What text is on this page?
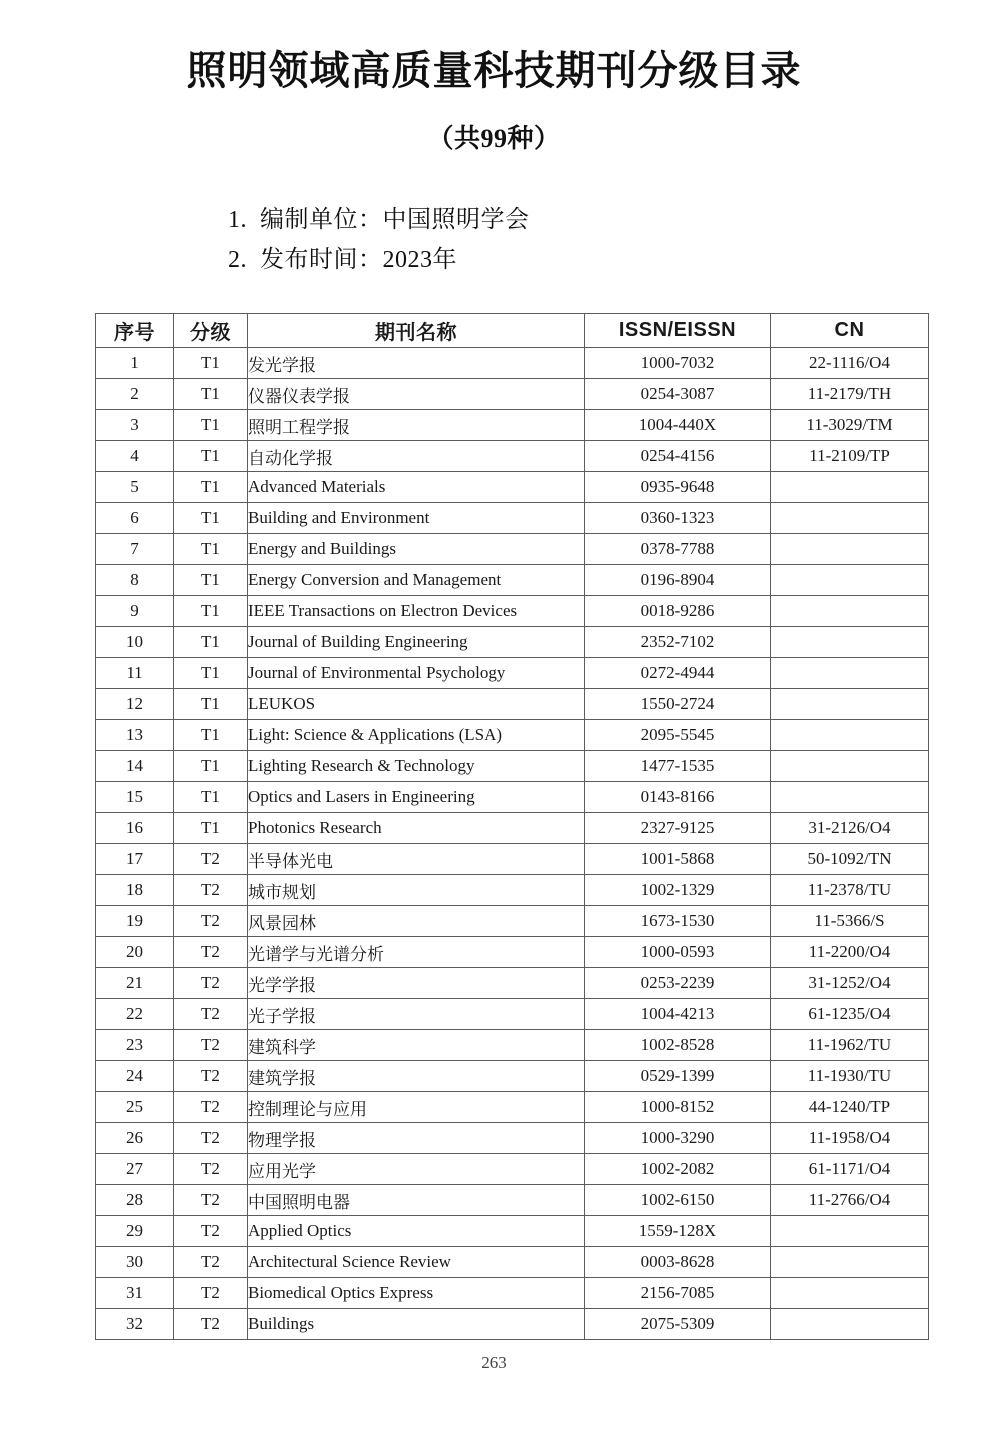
照明领域高质量科技期刊分级目录
（共99种）
1. 编制单位：中国照明学会
2. 发布时间：2023年
序号	分级	期刊名称	ISSN/EISSN	CN
1	T1	发光学报	1000-7032	22-1116/O4
2	T1	仪器仪表学报	0254-3087	11-2179/TH
3	T1	照明工程学报	1004-440X	11-3029/TM
4	T1	自动化学报	0254-4156	11-2109/TP
5	T1	Advanced Materials	0935-9648	
6	T1	Building and Environment	0360-1323	
7	T1	Energy and Buildings	0378-7788	
8	T1	Energy Conversion and Management	0196-8904	
9	T1	IEEE Transactions on Electron Devices	0018-9286	
10	T1	Journal of Building Engineering	2352-7102	
11	T1	Journal of Environmental Psychology	0272-4944	
12	T1	LEUKOS	1550-2724	
13	T1	Light: Science & Applications (LSA)	2095-5545	
14	T1	Lighting Research & Technology	1477-1535	
15	T1	Optics and Lasers in Engineering	0143-8166	
16	T1	Photonics Research	2327-9125	31-2126/O4
17	T2	半导体光电	1001-5868	50-1092/TN
18	T2	城市规划	1002-1329	11-2378/TU
19	T2	风景园林	1673-1530	11-5366/S
20	T2	光谱学与光谱分析	1000-0593	11-2200/O4
21	T2	光学学报	0253-2239	31-1252/O4
22	T2	光子学报	1004-4213	61-1235/O4
23	T2	建筑科学	1002-8528	11-1962/TU
24	T2	建筑学报	0529-1399	11-1930/TU
25	T2	控制理论与应用	1000-8152	44-1240/TP
26	T2	物理学报	1000-3290	11-1958/O4
27	T2	应用光学	1002-2082	61-1171/O4
28	T2	中国照明电器	1002-6150	11-2766/O4
29	T2	Applied Optics	1559-128X	
30	T2	Architectural Science Review	0003-8628	
31	T2	Biomedical Optics Express	2156-7085	
32	T2	Buildings	2075-5309	
263
